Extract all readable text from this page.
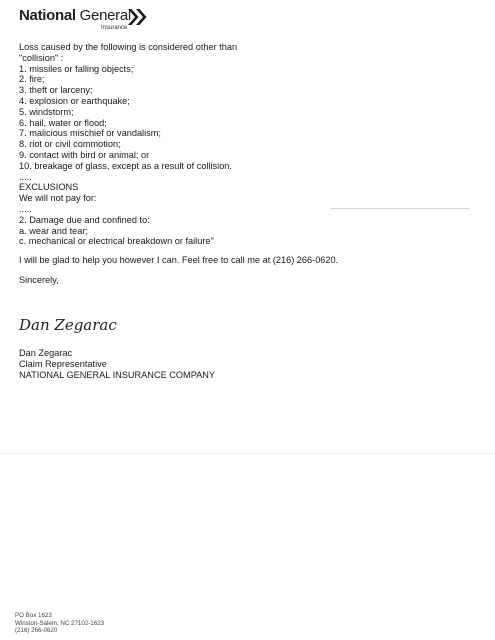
National General
Insurance
Loss caused by the following is considered other than
"collision" :
1. missiles or falling objects;
2. fire;
3. theft or larceny;
4. explosion or earthquake;
5. windstorm;
6. hail, water or flood;
7. malicious mischief or vandalism;
8. riot or civil commotion;
9. contact with bird or animal; or
10. breakage of glass, except as a result of collision.
.....
EXCLUSIONS
We will not pay for:
.....
2. Damage due and confined to:
a. wear and tear;
c. mechanical or electrical breakdown or failure"
I will be glad to help you however I can. Feel free to call me at (216) 266-0620.
Sincerely,
Dan Zegarac
Dan Zegarac
Claim Representative
NATIONAL GENERAL INSURANCE COMPANY
PO Box 1623
Winston-Salem, NC 27102-1623
(216) 266-0620
